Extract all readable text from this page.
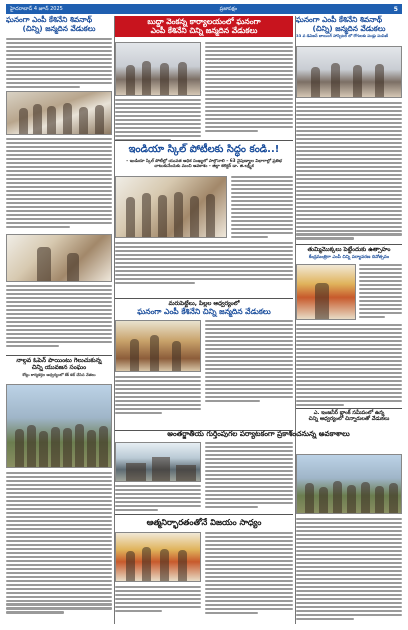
హైదరాబాద్ 4 జూన్ 2025	ప్రజాపక్షం	5
ఘనంగా ఎంపీ కేశినేని శివనాథ్
(చిన్ని) జన్మదిన వేడుకలు
నాల్గవ ఓపెన్ పాయింటు గెలుచుకున్న
చిన్ని యువజన సంఘం
కోట్లు కార్యకర్తల ఆధ్వర్యంలో కేక్ కట్ చేసిన నేతలు
బుద్దా వెంకన్న కార్యాలయంలో ఘనంగా
ఎంపీ కేశినేని చిన్ని జన్మదిన వేడుకలు
ఇండియా స్కిల్ పోటీలకు సిద్ధం కండి..!
– ఇండియా స్కిల్ పోటీల్లో యువత అధిక సంఖ్యలో పాల్గొనాలి – 63 నైపుణ్యాల విభాగాల్లో ప్రతిభ చాటుకునేందుకు మంచి అవకాశం – జిల్లా కలెక్టర్ డా. జి.లక్ష్మీశ
మరుపెట్టేలు, పిల్లల ఆధ్వర్యంలో
ఘనంగా ఎంపీ కేశినేని చిన్ని జన్మదిన వేడుకలు
అంతర్జాతీయ గుర్తింపుగల పర్యాటకంగా ప్రకాశించనున్న అవకాశాలు
ఆత్మనిర్భారతంతోనే విజయం సాధ్యం
ఘనంగా ఎంపీ కేశినేని శివనాథ్
(చిన్ని) జన్మదిన వేడుకలు
33 వ డివిజన్ బాయింగ్ హాస్పిటల్ లో రోగులకు పండ్లు పంపిణీ
తుమ్మిమొక్కలు పెట్టేందుకు ఉత్సాహం
కేంద్రమంత్రిగా ఎంపీ చిన్ని పర్యావరణ దినోత్సవం
ఎ. ఇంజనీర్ బ్లాంక్ సమీపంలో ఉన్న
చిన్ని ఆధ్వర్యంలో చిన్నారులతో వేడుకలు
